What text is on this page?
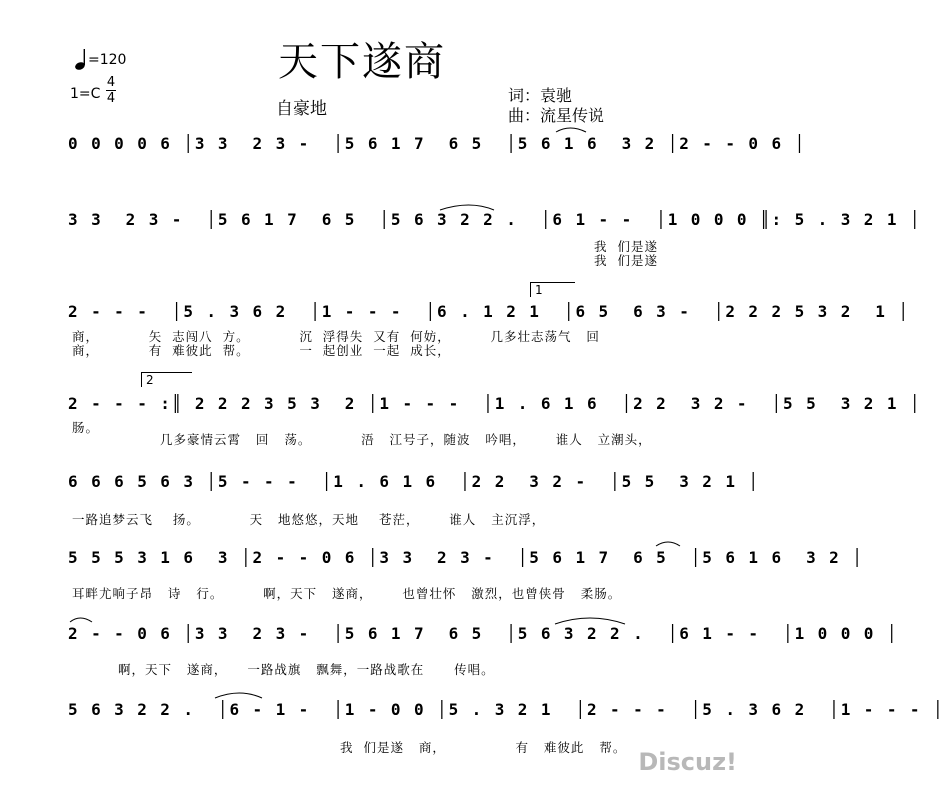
天下遂商
=120
1=C
4
4
自豪地
词：袁驰
曲：流星传说
0 0 0 0 6 │3 3  2 3 -  │5 6 1 7  6 5  │5 6 1 6  3 2 │2 - - 0 6 │
3 3  2 3 -  │5 6 1 7  6 5  │5 6 3 2 2 .  │6 1 - -  │1 0 0 0 ║: 5 . 3 2 1 │
我  们是遂
我  们是遂
1
2 - - -  │5 . 3 6 2  │1 - - -  │6 . 1 2 1  │6 5  6 3 -  │2 2 2 5 3 2  1 │
商，          矢  志闯八  方。          沉  浮得失  又有  何妨，        几多壮志荡气   回
商，          有  难彼此  帮。          一  起创业  一起  成长，
2
2 - - - :║ 2 2 2 3 5 3  2 │1 - - -  │1 . 6 1 6  │2 2  3 2 -  │5 5  3 2 1 │
肠。
几多豪情云霄   回   荡。          浯   江号子，随波   吟唱，      谁人   立潮头，
6 6 6 5 6 3 │5 - - -  │1 . 6 1 6  │2 2  3 2 -  │5 5  3 2 1 │
一路追梦云飞    扬。          天   地悠悠，天地    苍茫，      谁人   主沉浮，
5 5 5 3 1 6  3 │2 - - 0 6 │3 3  2 3 -  │5 6 1 7  6 5  │5 6 1 6  3 2 │
耳畔尤响子昂   诗   行。        啊，天下   遂商，      也曾壮怀   激烈，也曾侠骨   柔肠。
2 - - 0 6 │3 3  2 3 -  │5 6 1 7  6 5  │5 6 3 2 2 .  │6 1 - -  │1 0 0 0 │
啊，天下   遂商，    一路战旗   飘舞，一路战歌在      传唱。
5 6 3 2 2 .  │6 - 1 -  │1 - 0 0 │5 . 3 2 1  │2 - - -  │5 . 3 6 2  │1 - - - │
我  们是遂   商，              有   难彼此   帮。
Discuz!
